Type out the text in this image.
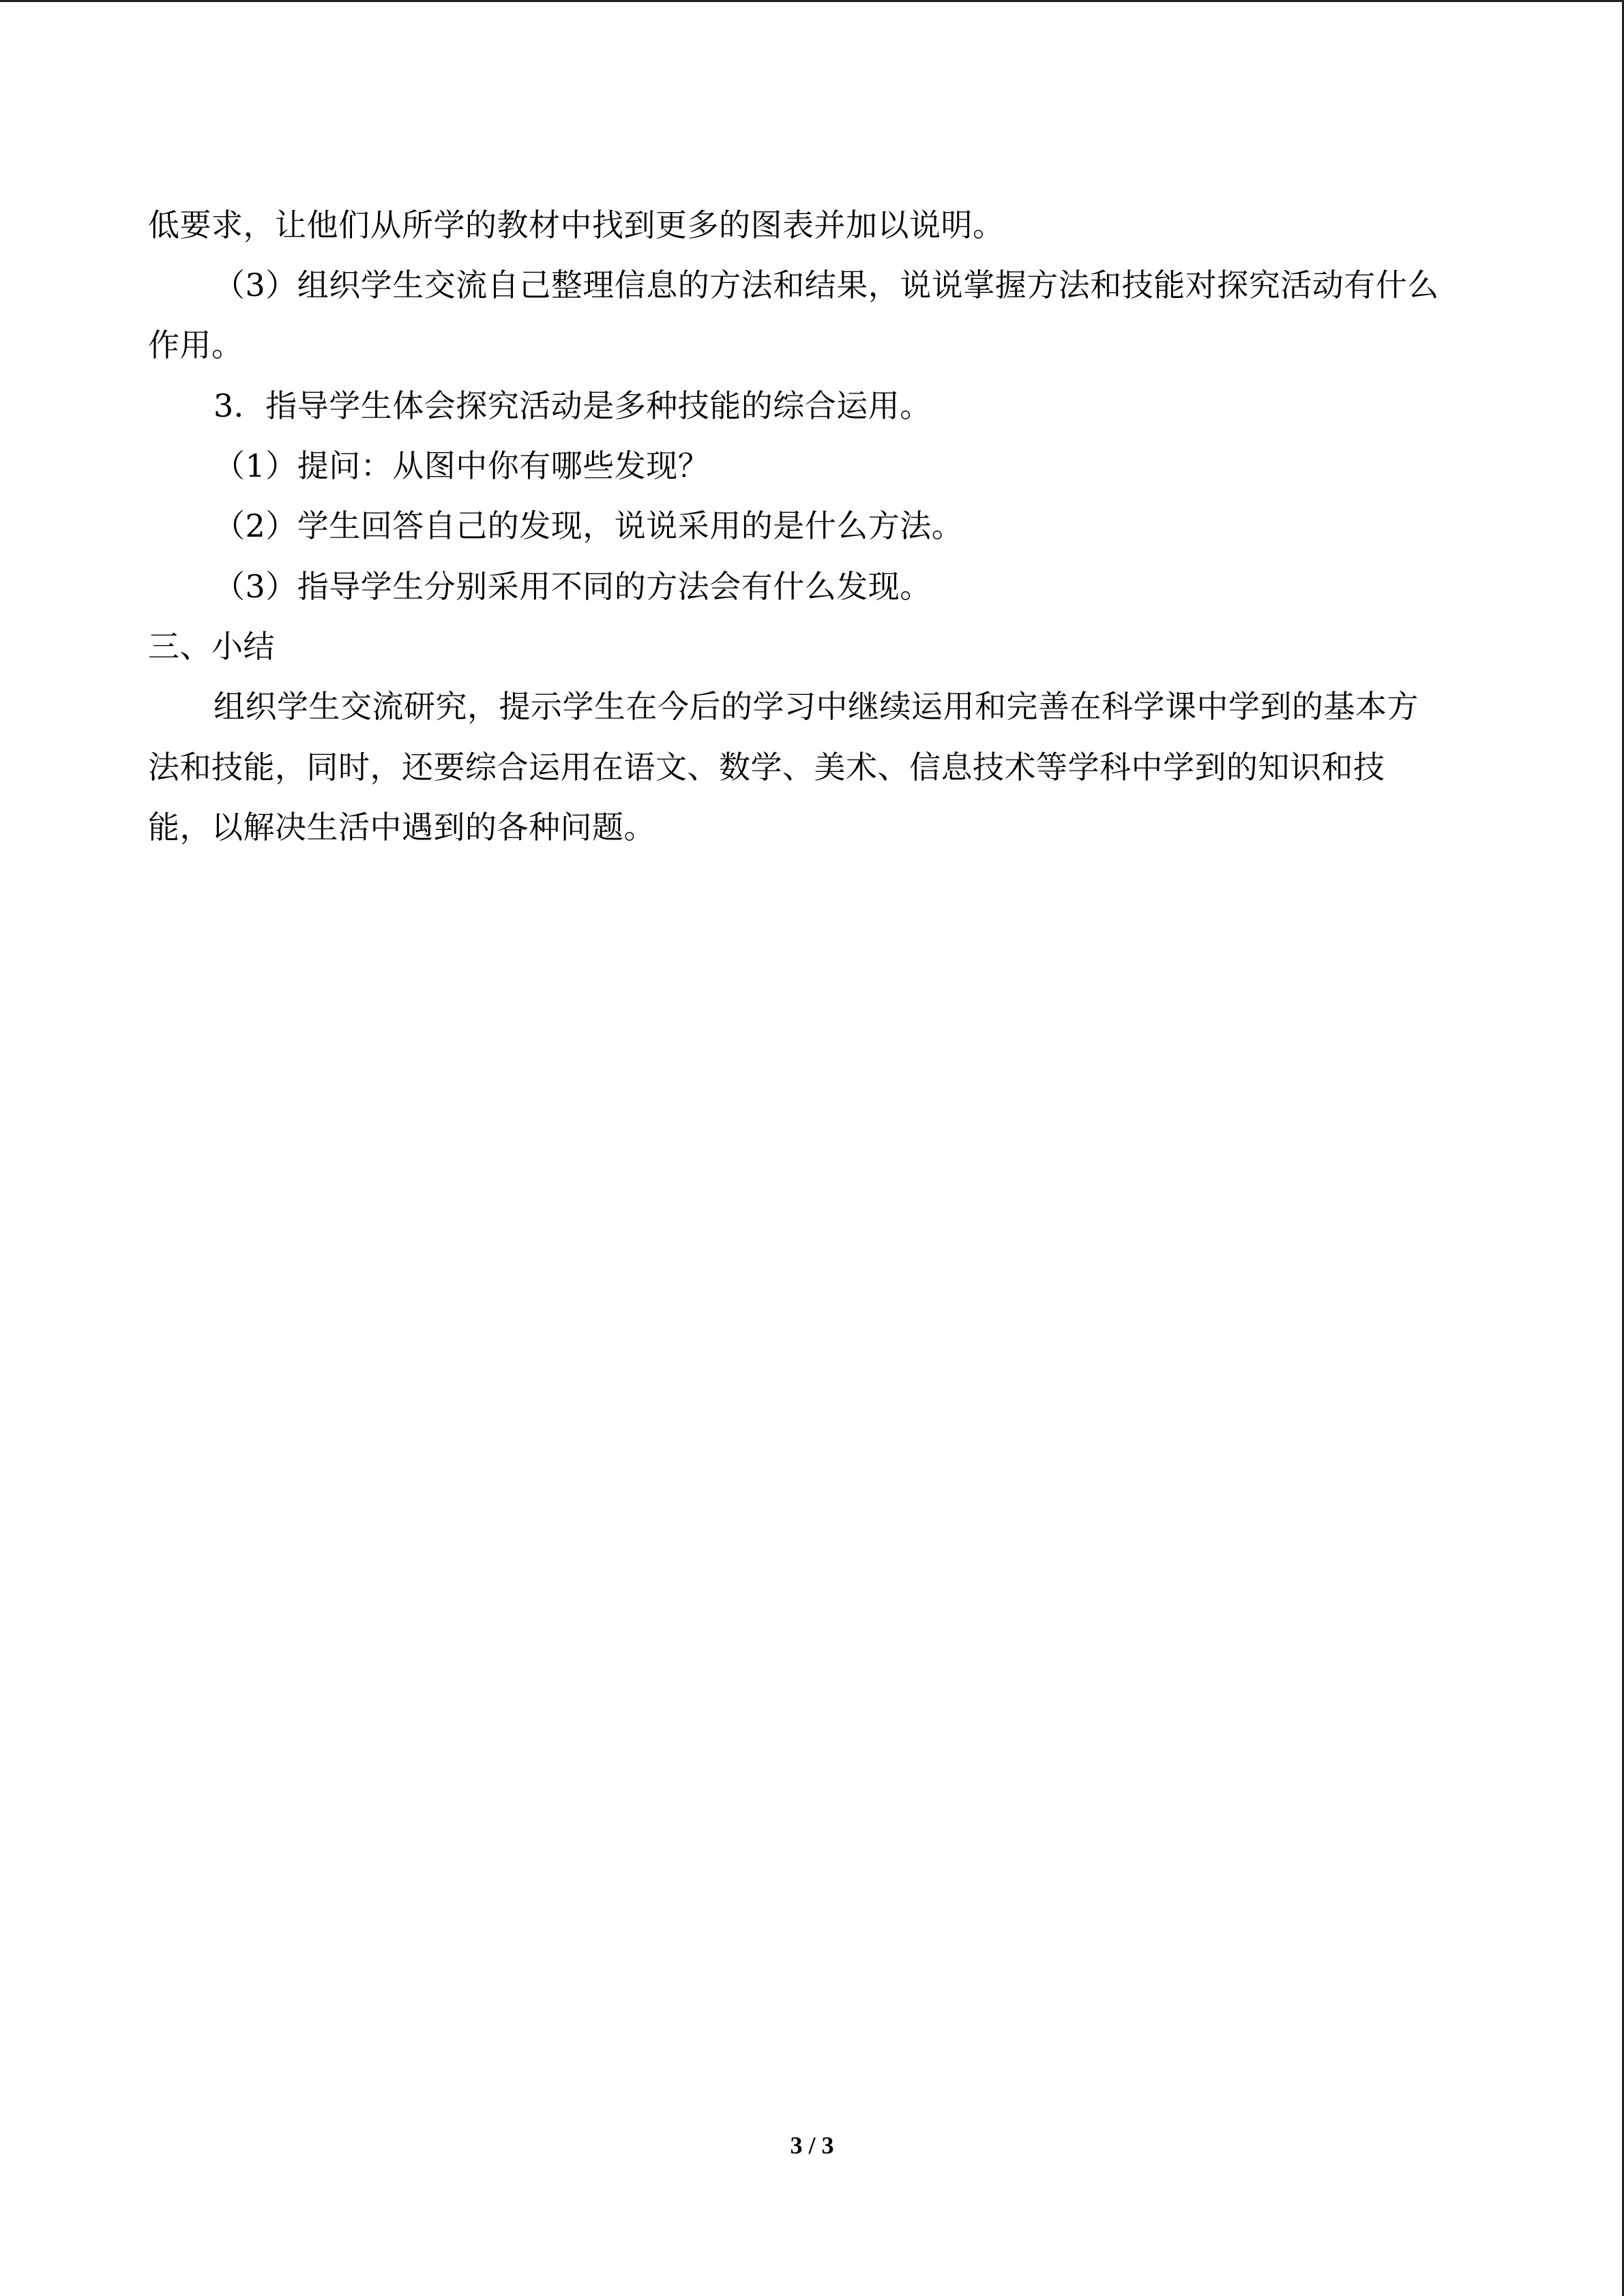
低要求，让他们从所学的教材中找到更多的图表并加以说明。
（3）组织学生交流自己整理信息的方法和结果，说说掌握方法和技能对探究活动有什么
作用。
3．指导学生体会探究活动是多种技能的综合运用。
（1）提问：从图中你有哪些发现？
（2）学生回答自己的发现，说说采用的是什么方法。
（3）指导学生分别采用不同的方法会有什么发现。
三、小结
组织学生交流研究，提示学生在今后的学习中继续运用和完善在科学课中学到的基本方
法和技能，同时，还要综合运用在语文、数学、美术、信息技术等学科中学到的知识和技
能，以解决生活中遇到的各种问题。
3 / 3
